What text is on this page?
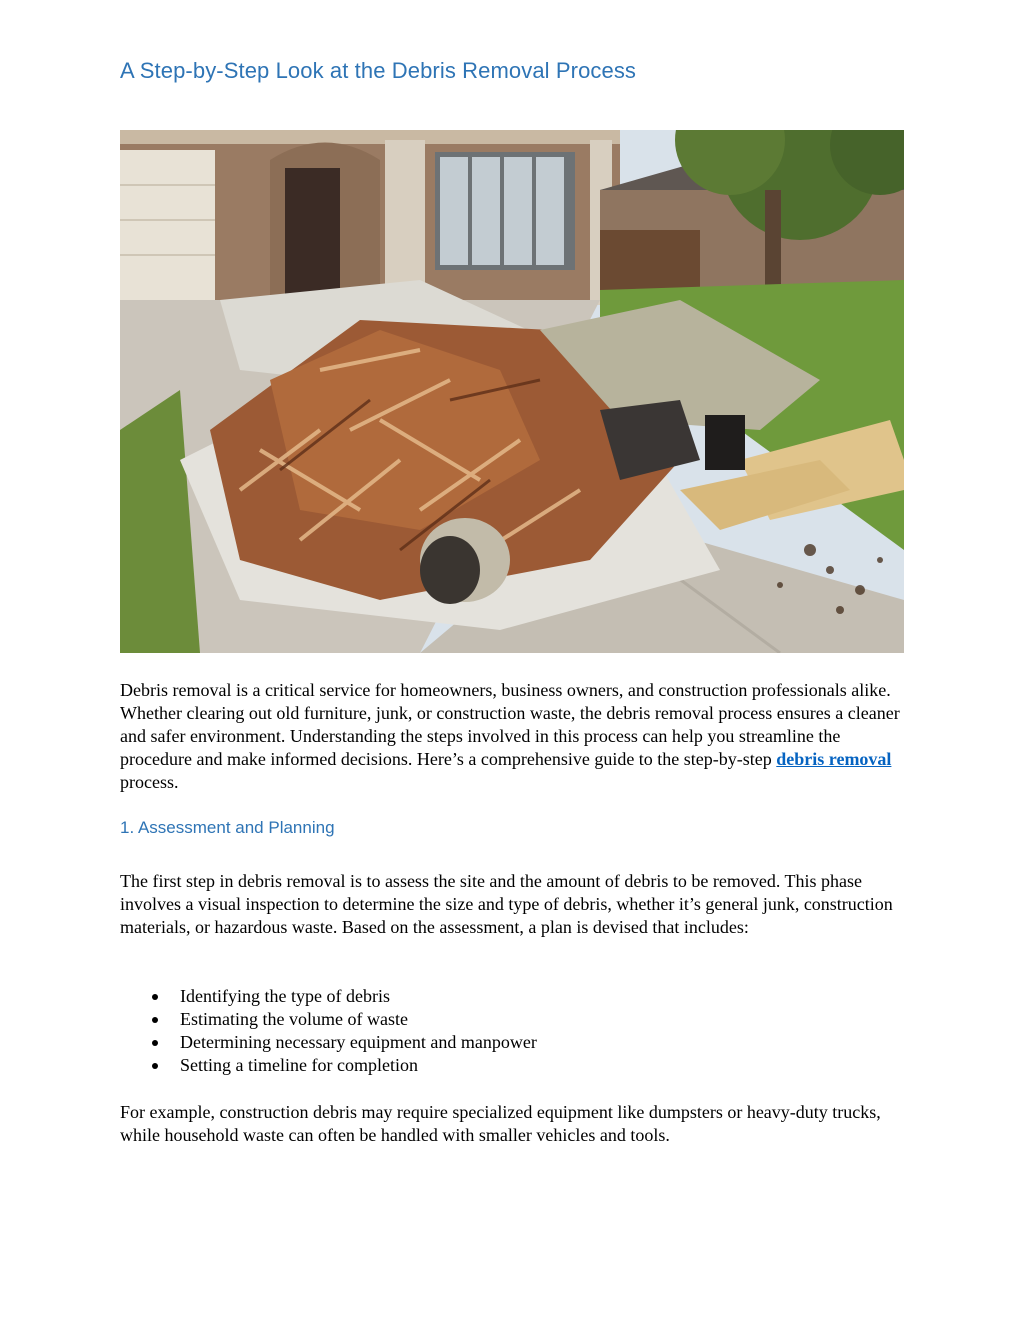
A Step-by-Step Look at the Debris Removal Process

Debris removal is a critical service for homeowners, business owners, and construction professionals alike. Whether clearing out old furniture, junk, or construction waste, the debris removal process ensures a cleaner and safer environment. Understanding the steps involved in this process can help you streamline the procedure and make informed decisions. Here’s a comprehensive guide to the step-by-step debris removal process.

1. Assessment and Planning

The first step in debris removal is to assess the site and the amount of debris to be removed. This phase involves a visual inspection to determine the size and type of debris, whether it’s general junk, construction materials, or hazardous waste. Based on the assessment, a plan is devised that includes:

Identifying the type of debris
Estimating the volume of waste
Determining necessary equipment and manpower
Setting a timeline for completion

For example, construction debris may require specialized equipment like dumpsters or heavy-duty trucks, while household waste can often be handled with smaller vehicles and tools.
